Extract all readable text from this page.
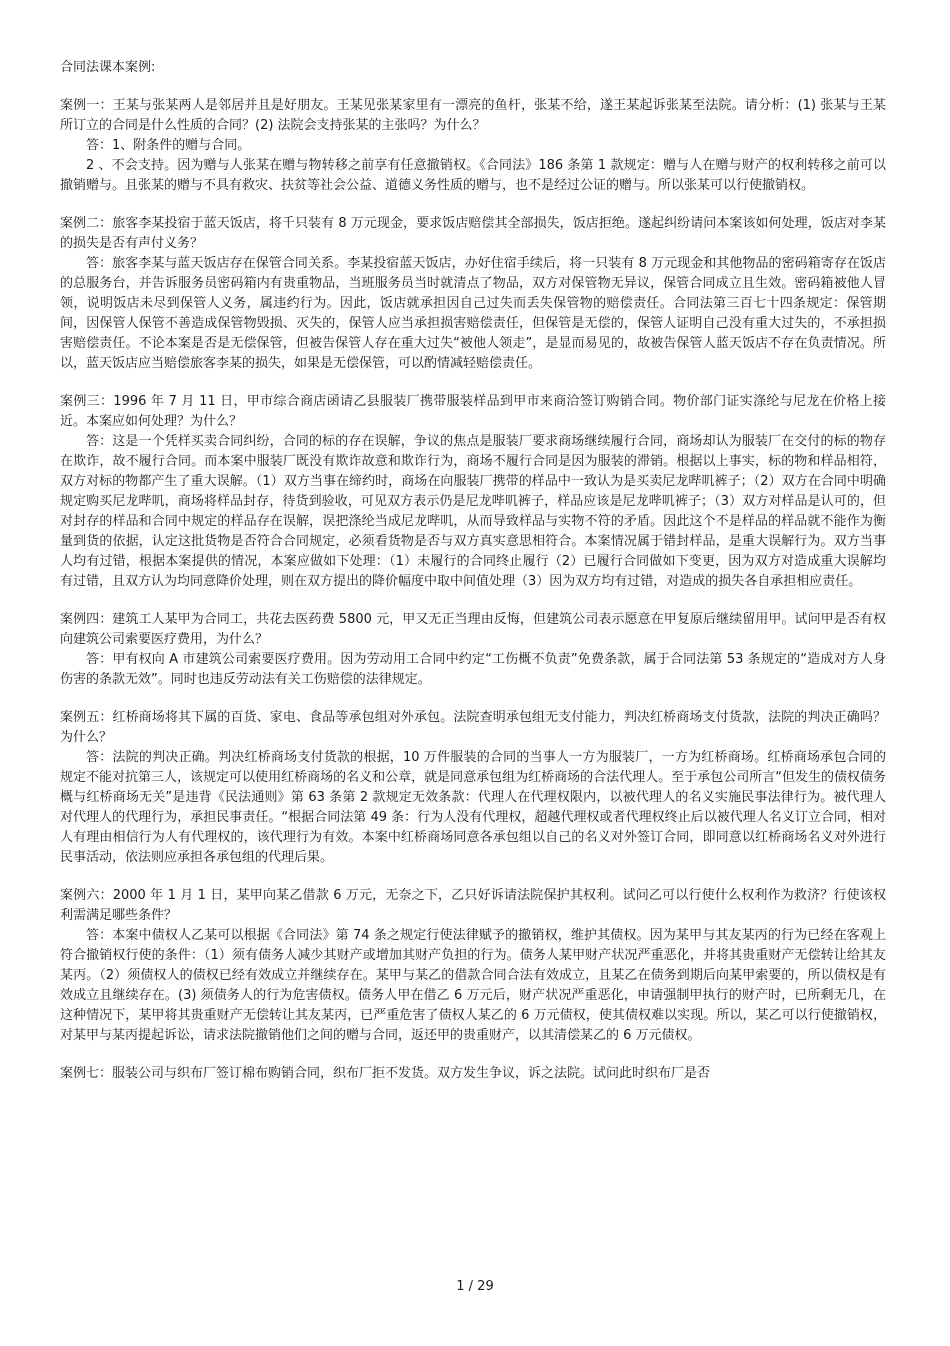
合同法课本案例:

案例一：王某与张某两人是邻居并且是好朋友。王某见张某家里有一漂亮的鱼杆，张某不给，遂王某起诉张某至法院。请分析：(1) 张某与王某所订立的合同是什么性质的合同？(2) 法院会支持张某的主张吗？为什么？

答：1、附条件的赠与合同。

2 、不会支持。因为赠与人张某在赠与物转移之前享有任意撤销权。《合同法》186 条第 1 款规定：赠与人在赠与财产的权利转移之前可以撤销赠与。且张某的赠与不具有救灾、扶贫等社会公益、道德义务性质的赠与，也不是经过公证的赠与。所以张某可以行使撤销权。

案例二：旅客李某投宿于蓝天饭店，将千只装有 8 万元现金，要求饭店赔偿其全部损失，饭店拒绝。遂起纠纷请问本案该如何处理，饭店对李某的损失是否有声付义务？

答：旅客李某与蓝天饭店存在保管合同关系。李某投宿蓝天饭店，办好住宿手续后，将一只装有 8 万元现金和其他物品的密码箱寄存在饭店的总服务台，并告诉服务员密码箱内有贵重物品，当班服务员当时就清点了物品，双方对保管物无异议，保管合同成立且生效。密码箱被他人冒领，说明饭店未尽到保管人义务，属违约行为。因此，饭店就承担因自己过失而丢失保管物的赔偿责任。合同法第三百七十四条规定：保管期间，因保管人保管不善造成保管物毁损、灭失的，保管人应当承担损害赔偿责任，但保管是无偿的，保管人证明自己没有重大过失的，不承担损害赔偿责任。不论本案是否是无偿保管，但被告保管人存在重大过失“被他人领走”，是显而易见的，故被告保管人蓝天饭店不存在负责情况。所以，蓝天饭店应当赔偿旅客李某的损失，如果是无偿保管，可以酌情减轻赔偿责任。

案例三：1996 年 7 月 11 日，甲市综合商店函请乙县服装厂携带服装样品到甲市来商洽签订购销合同。物价部门证实涤纶与尼龙在价格上接近。本案应如何处理？为什么？

答：这是一个凭样买卖合同纠纷，合同的标的存在误解，争议的焦点是服装厂要求商场继续履行合同，商场却认为服装厂在交付的标的物存在欺诈，故不履行合同。而本案中服装厂既没有欺诈故意和欺诈行为，商场不履行合同是因为服装的滞销。根据以上事实，标的物和样品相符，双方对标的物都产生了重大误解。（1）双方当事在缔约时，商场在向服装厂携带的样品中一致认为是买卖尼龙哔叽裤子；（2）双方在合同中明确规定购买尼龙哔叽，商场将样品封存，待货到验收，可见双方表示仍是尼龙哔叽裤子，样品应该是尼龙哔叽裤子；（3）双方对样品是认可的，但对封存的样品和合同中规定的样品存在误解，误把涤纶当成尼龙哔叽，从而导致样品与实物不符的矛盾。因此这个不是样品的样品就不能作为衡量到货的依据，认定这批货物是否符合合同规定，必须看货物是否与双方真实意思相符合。本案情况属于错封样品，是重大误解行为。双方当事人均有过错，根据本案提供的情况，本案应做如下处理：（1）未履行的合同终止履行（2）已履行合同做如下变更，因为双方对造成重大误解均有过错，且双方认为均同意降价处理，则在双方提出的降价幅度中取中间值处理（3）因为双方均有过错，对造成的损失各自承担相应责任。

案例四：建筑工人某甲为合同工，共花去医药费 5800 元，甲又无正当理由反悔，但建筑公司表示愿意在甲复原后继续留用甲。试问甲是否有权向建筑公司索要医疗费用，为什么？

答：甲有权向 A 市建筑公司索要医疗费用。因为劳动用工合同中约定“工伤概不负责”免费条款，属于合同法第 53 条规定的“造成对方人身伤害的条款无效”。同时也违反劳动法有关工伤赔偿的法律规定。

案例五：红桥商场将其下属的百货、家电、食品等承包组对外承包。法院查明承包组无支付能力，判决红桥商场支付货款，法院的判决正确吗？为什么？

答：法院的判决正确。判决红桥商场支付货款的根据，10 万件服装的合同的当事人一方为服装厂，一方为红桥商场。红桥商场承包合同的规定不能对抗第三人，该规定可以使用红桥商场的名义和公章，就是同意承包组为红桥商场的合法代理人。至于承包公司所言“但发生的债权债务概与红桥商场无关”是违背《民法通则》第 63 条第 2 款规定无效条款：代理人在代理权限内，以被代理人的名义实施民事法律行为。被代理人对代理人的代理行为，承担民事责任。“根据合同法第 49 条：行为人没有代理权，超越代理权或者代理权终止后以被代理人名义订立合同，相对人有理由相信行为人有代理权的，该代理行为有效。本案中红桥商场同意各承包组以自己的名义对外签订合同，即同意以红桥商场名义对外进行民事活动，依法则应承担各承包组的代理后果。

案例六：2000 年 1 月 1 日，某甲向某乙借款 6 万元，无奈之下，乙只好诉请法院保护其权利。试问乙可以行使什么权利作为救济？行使该权利需满足哪些条件？

答：本案中债权人乙某可以根据《合同法》第 74 条之规定行使法律赋予的撤销权，维护其债权。因为某甲与其友某丙的行为已经在客观上符合撤销权行使的条件：（1）须有债务人减少其财产或增加其财产负担的行为。债务人某甲财产状况严重恶化，并将其贵重财产无偿转让给其友某丙。（2）须债权人的债权已经有效成立并继续存在。某甲与某乙的借款合同合法有效成立，且某乙在债务到期后向某甲索要的，所以债权是有效成立且继续存在。(3) 须债务人的行为危害债权。债务人甲在借乙 6 万元后，财产状况严重恶化，申请强制甲执行的财产时，已所剩无几，在这种情况下，某甲将其贵重财产无偿转让其友某丙，已严重危害了债权人某乙的 6 万元债权，使其债权难以实现。所以，某乙可以行使撤销权，对某甲与某丙提起诉讼，请求法院撤销他们之间的赠与合同，返还甲的贵重财产，以其清偿某乙的 6 万元债权。

案例七：服装公司与织布厂签订棉布购销合同，织布厂拒不发货。双方发生争议，诉之法院。试问此时织布厂是否

1 / 29
